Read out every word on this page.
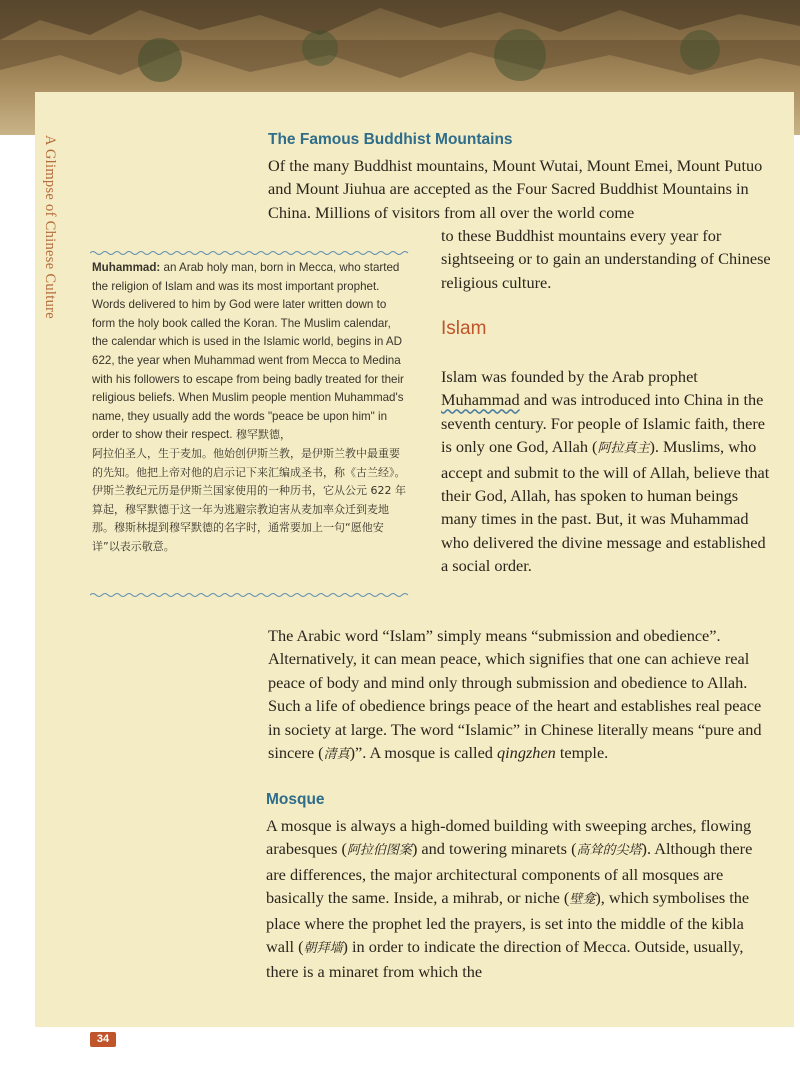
A Glimpse of Chinese Culture	The Famous Buddhist Mountains
Of the many Buddhist mountains, Mount Wutai, Mount Emei, Mount Putuo and Mount Jiuhua are accepted as the Four Sacred Buddhist Mountains in China. Millions of visitors from all over the world come
to these Buddhist mountains every year for sightseeing or to gain an understanding of Chinese religious culture.
Muhammad: an Arab holy man, born in Mecca, who started the religion of Islam and was its most important prophet. Words delivered to him by God were later written down to form the holy book called the Koran. The Muslim calendar, the calendar which is used in the Islamic world, begins in AD 622, the year when Muhammad went from Mecca to Medina with his followers to escape from being badly treated for their religious beliefs. When Muslim people mention Muhammad's name, they usually add the words "peace be upon him" in order to show their respect. 穆罕默德，
阿拉伯圣人，生于麦加。他始创伊斯兰教，是伊斯兰教中最重要的先知。他把上帝对他的启示记下来汇编成圣书，称《古兰经》。伊斯兰教纪元历是伊斯兰国家使用的一种历书，它从公元 622 年算起，穆罕默德于这一年为逃避宗教迫害从麦加率众迁到麦地那。穆斯林提到穆罕默德的名字时，通常要加上一句“愿他安详”以表示敬意。
Islam
Islam was founded by the Arab prophet Muhammad and was introduced into China in the seventh century. For people of Islamic faith, there is only one God, Allah (阿拉真主). Muslims, who accept and submit to the will of Allah, believe that their God, Allah, has spoken to human beings many times in the past. But, it was Muhammad who delivered the divine message and established a social order.
The Arabic word “Islam” simply means “submission and obedience”. Alternatively, it can mean peace, which signifies that one can achieve real peace of body and mind only through submission and obedience to Allah. Such a life of obedience brings peace of the heart and establishes real peace in society at large. The word “Islamic” in Chinese literally means “pure and sincere (清真)”. A mosque is called qingzhen temple.
Mosque
A mosque is always a high-domed building with sweeping arches, flowing arabesques (阿拉伯图案) and towering minarets (高耸的尖塔). Although there are differences, the major architectural components of all mosques are basically the same. Inside, a mihrab, or niche (壁龛), which symbolises the place where the prophet led the prayers, is set into the middle of the kibla wall (朝拜墙) in order to indicate the direction of Mecca. Outside, usually, there is a minaret from which the
34
